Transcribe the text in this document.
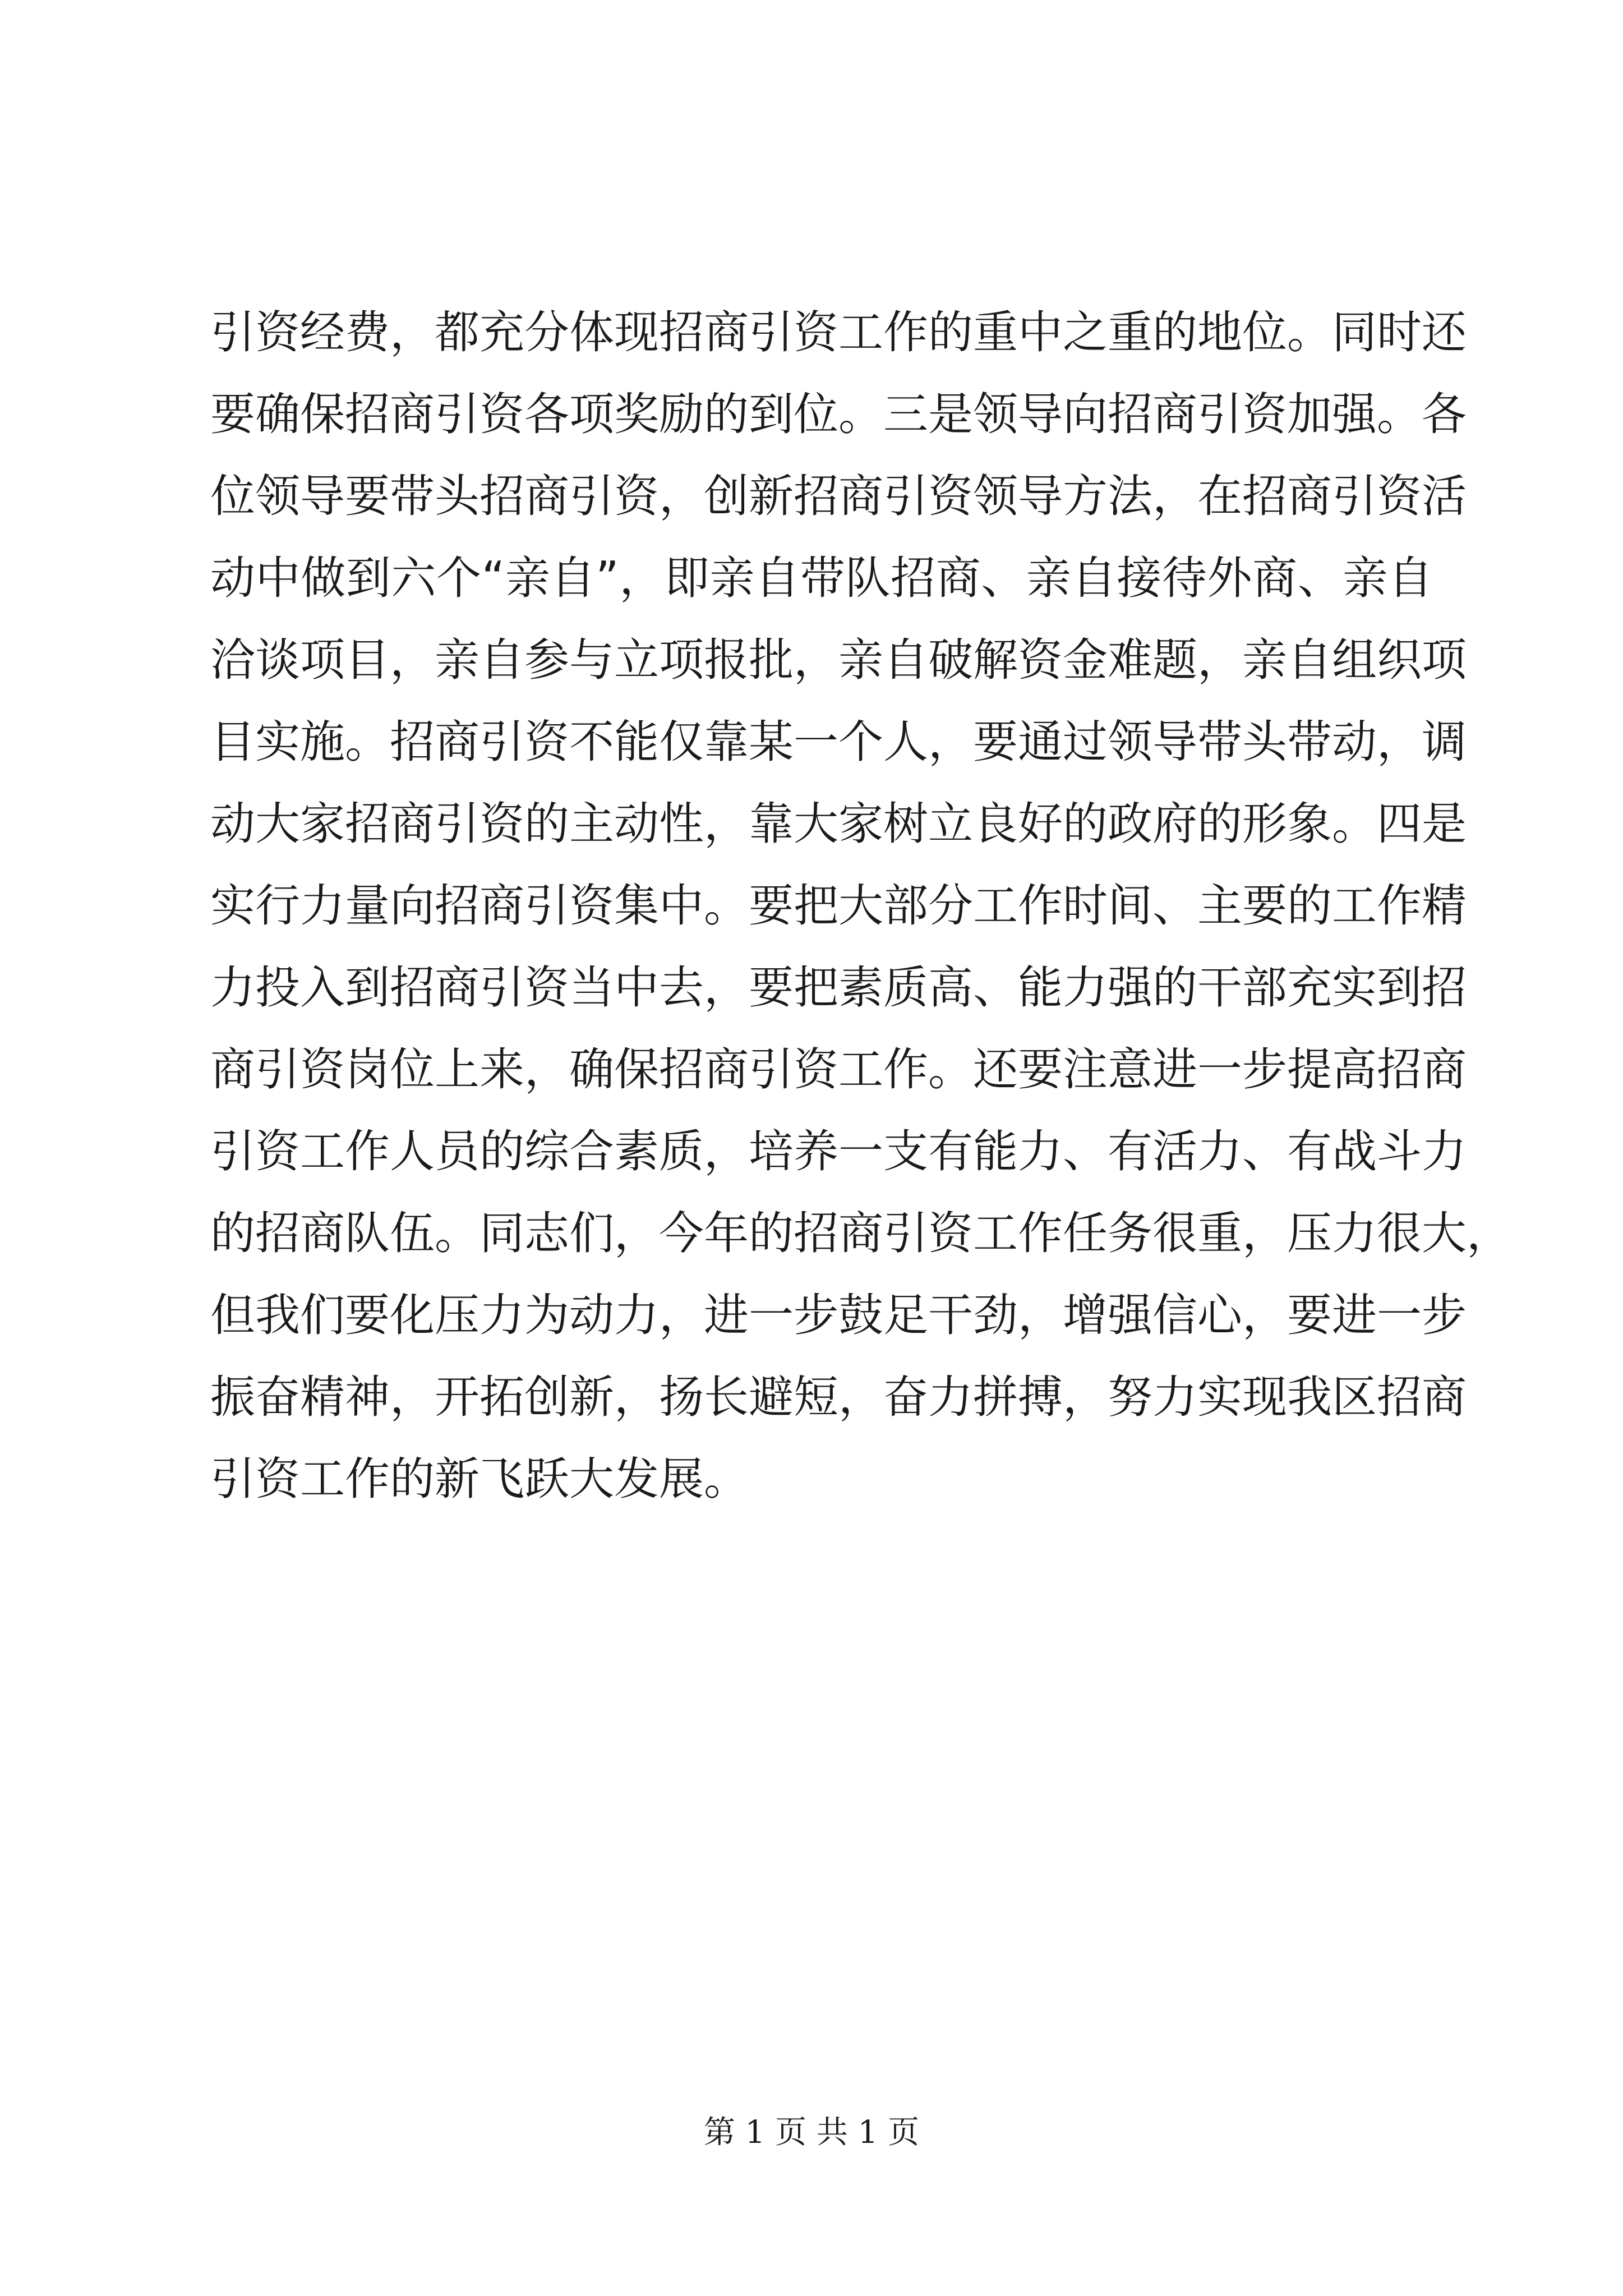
引资经费，都充分体现招商引资工作的重中之重的地位。同时还
要确保招商引资各项奖励的到位。三是领导向招商引资加强。各
位领导要带头招商引资，创新招商引资领导方法，在招商引资活
动中做到六个“亲自”，即亲自带队招商、亲自接待外商、亲自
洽谈项目，亲自参与立项报批，亲自破解资金难题，亲自组织项
目实施。招商引资不能仅靠某一个人，要通过领导带头带动，调
动大家招商引资的主动性，靠大家树立良好的政府的形象。四是
实行力量向招商引资集中。要把大部分工作时间、主要的工作精
力投入到招商引资当中去，要把素质高、能力强的干部充实到招
商引资岗位上来，确保招商引资工作。还要注意进一步提高招商
引资工作人员的综合素质，培养一支有能力、有活力、有战斗力
的招商队伍。同志们，今年的招商引资工作任务很重，压力很大，
但我们要化压力为动力，进一步鼓足干劲，增强信心，要进一步
振奋精神，开拓创新，扬长避短，奋力拼搏，努力实现我区招商
引资工作的新飞跃大发展。

第 1 页 共 1 页
